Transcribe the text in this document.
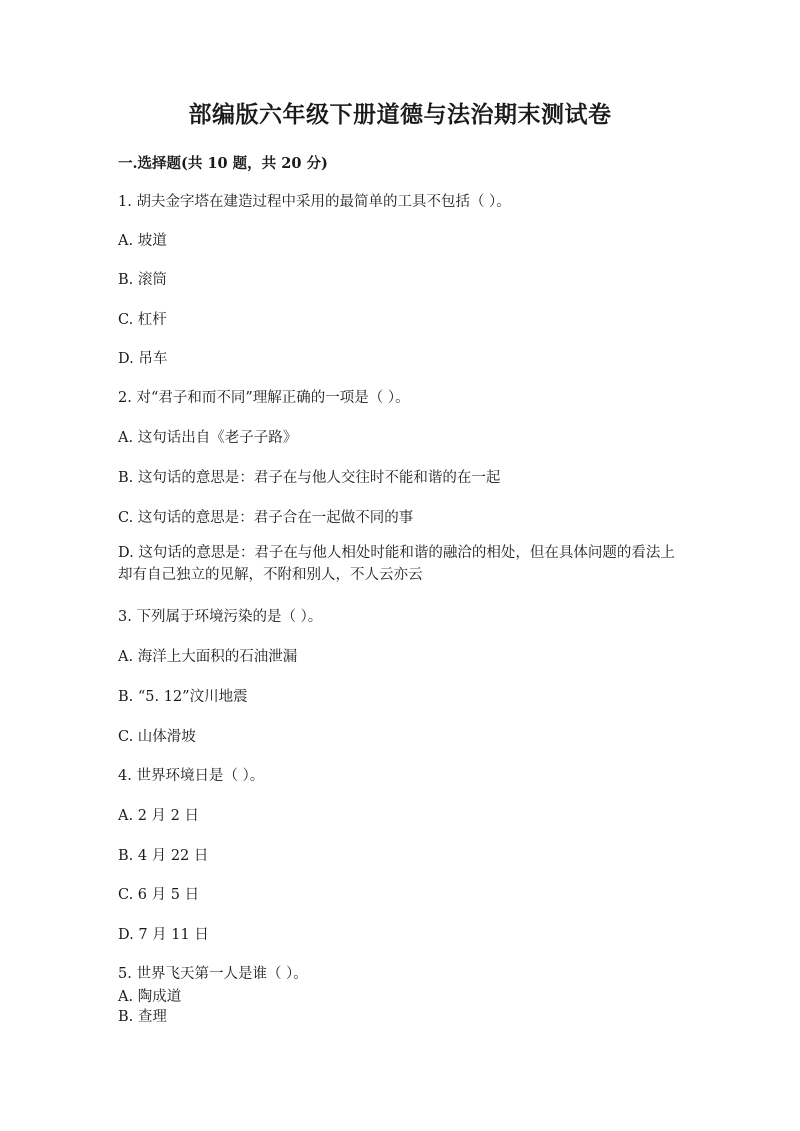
部编版六年级下册道德与法治期末测试卷
一.选择题(共 10 题，共 20 分)
1. 胡夫金字塔在建造过程中采用的最简单的工具不包括（ ）。
A. 坡道
B. 滚筒
C. 杠杆
D. 吊车
2. 对“君子和而不同”理解正确的一项是（ ）。
A. 这句话出自《老子子路》
B. 这句话的意思是：君子在与他人交往时不能和谐的在一起
C. 这句话的意思是：君子合在一起做不同的事
D. 这句话的意思是：君子在与他人相处时能和谐的融洽的相处，但在具体问题的看法上却有自己独立的见解，不附和别人，不人云亦云
3. 下列属于环境污染的是（ ）。
A. 海洋上大面积的石油泄漏
B. “5. 12”汶川地震
C. 山体滑坡
4. 世界环境日是（ ）。
A. 2 月 2 日
B. 4 月 22 日
C. 6 月 5 日
D. 7 月 11 日
5. 世界飞天第一人是谁（ ）。
A. 陶成道
B. 查理
